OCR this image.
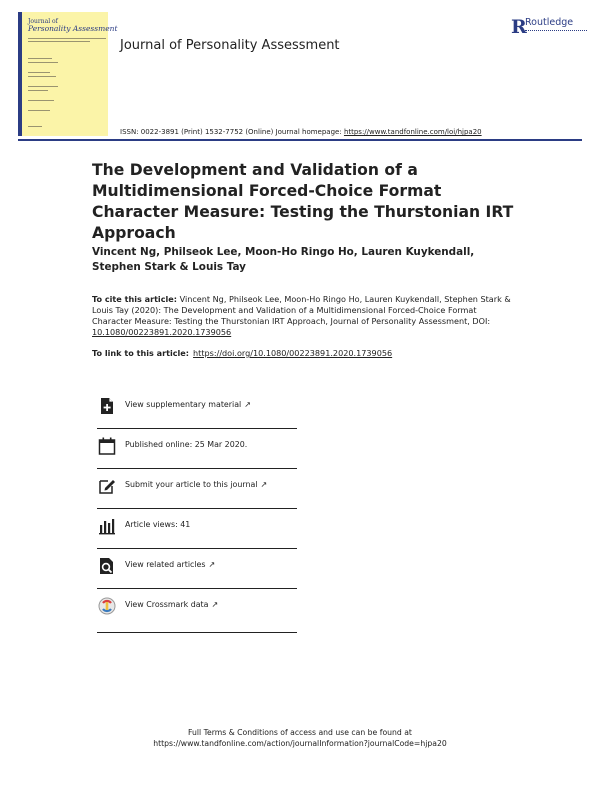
Journal of
Personality Assessment
Journal of Personality Assessment
R
Routledge
ISSN: 0022-3891 (Print) 1532-7752 (Online) Journal homepage: https://www.tandfonline.com/loi/hjpa20
The Development and Validation of a Multidimensional Forced-Choice Format Character Measure: Testing the Thurstonian IRT Approach
Vincent Ng, Philseok Lee, Moon-Ho Ringo Ho, Lauren Kuykendall, Stephen Stark & Louis Tay
To cite this article: Vincent Ng, Philseok Lee, Moon-Ho Ringo Ho, Lauren Kuykendall, Stephen Stark & Louis Tay (2020): The Development and Validation of a Multidimensional Forced-Choice Format Character Measure: Testing the Thurstonian IRT Approach, Journal of Personality Assessment, DOI: 10.1080/00223891.2020.1739056
To link to this article: https://doi.org/10.1080/00223891.2020.1739056
View supplementary material ↗
Published online: 25 Mar 2020.
Submit your article to this journal ↗
Article views: 41
View related articles ↗
View Crossmark data ↗
Full Terms & Conditions of access and use can be found at
https://www.tandfonline.com/action/journalInformation?journalCode=hjpa20
